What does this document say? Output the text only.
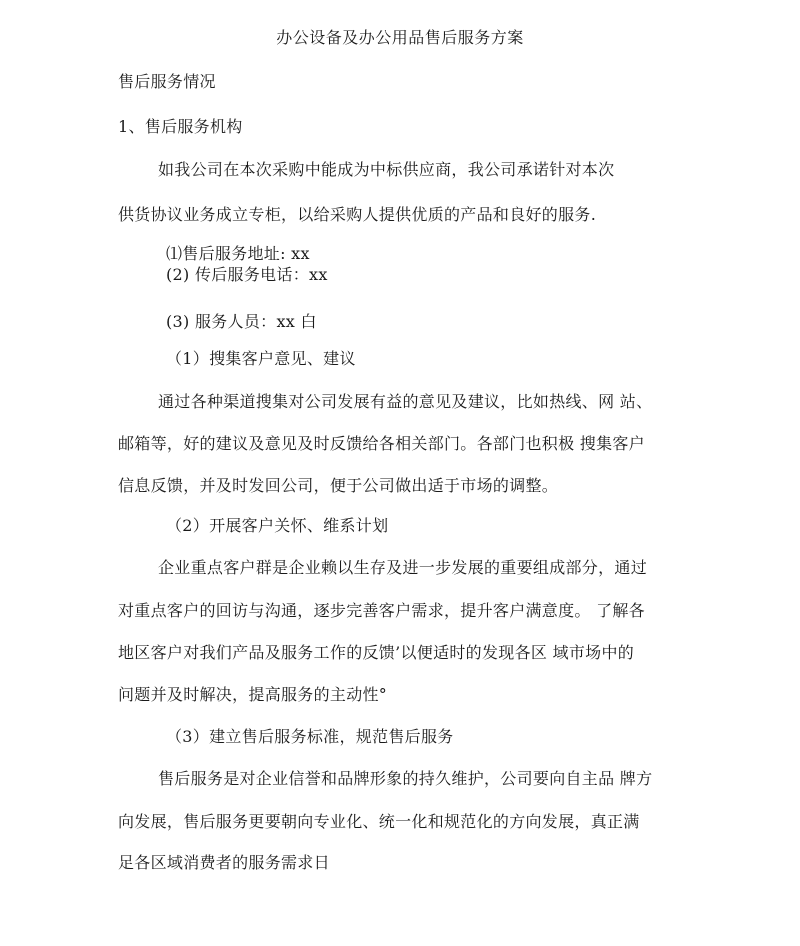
办公设备及办公用品售后服务方案
售后服务情况
1、售后服务机构
如我公司在本次采购中能成为中标供应商，我公司承诺针对本次
供货协议业务成立专柜，以给采购人提供优质的产品和良好的服务.
⑴售后服务地址: xx
(2) 传后服务电话：xx
(3) 服务人员：xx 白
（1）搜集客户意见、建议
通过各种渠道搜集对公司发展有益的意见及建议，比如热线、网 站、
邮箱等，好的建议及意见及时反馈给各相关部门。各部门也积极 搜集客户
信息反馈，并及时发回公司，便于公司做出适于市场的调整。
（2）开展客户关怀、维系计划
企业重点客户群是企业赖以生存及进一步发展的重要组成部分，通过
对重点客户的回访与沟通，逐步完善客户需求，提升客户满意度。 了解各
地区客户对我们产品及服务工作的反馈’以便适时的发现各区 域市场中的
问题并及时解决，提高服务的主动性°
（3）建立售后服务标准，规范售后服务
售后服务是对企业信誉和品牌形象的持久维护，公司要向自主品 牌方
向发展，售后服务更要朝向专业化、统一化和规范化的方向发展，真正满
足各区域消费者的服务需求日
